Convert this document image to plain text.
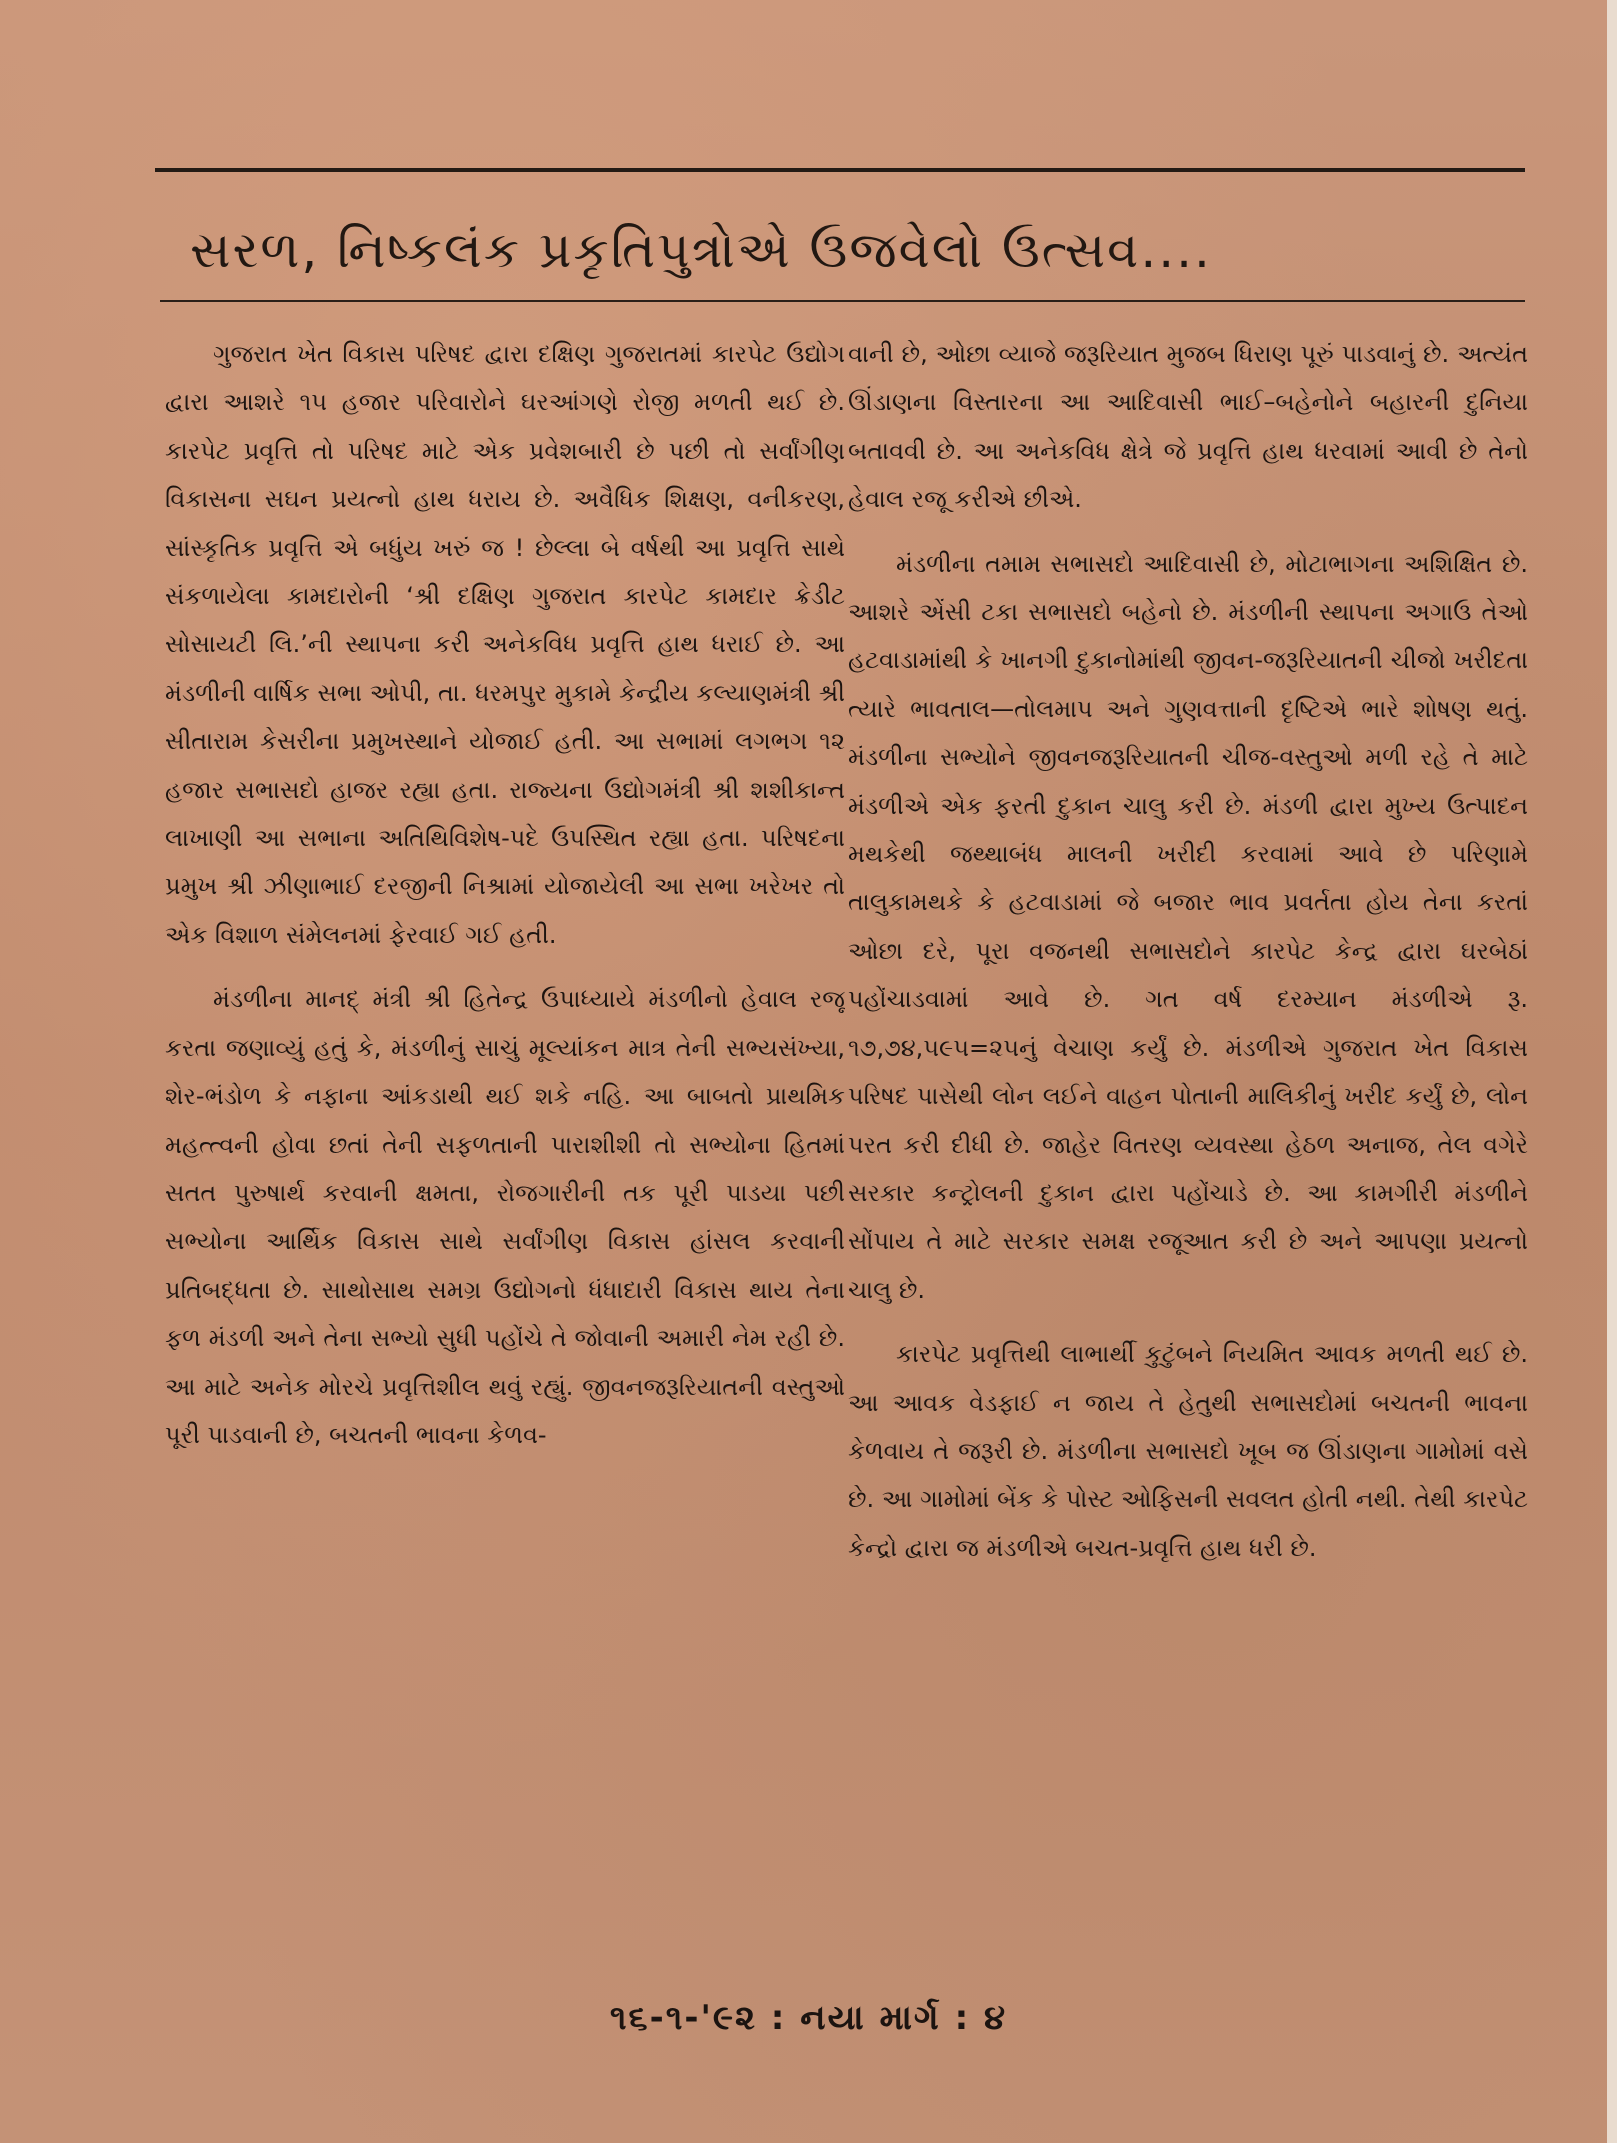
સરળ, નિષ્કલંક પ્રકૃતિપુત્રોએ ઉજવેલો ઉત્સવ....

ગુજરાત ખેત વિકાસ પરિષદ દ્વારા દક્ષિણ ગુજરાતમાં કારપેટ ઉદ્યોગ દ્વારા આશરે ૧૫ હજાર પરિવારોને ઘરઆંગણે રોજી મળતી થઈ છે. કારપેટ પ્રવૃત્તિ તો પરિષદ માટે એક પ્રવેશબારી છે પછી તો સર્વાંગીણ વિકાસના સઘન પ્રયત્નો હાથ ધરાય છે. અવૈધિક શિક્ષણ, વનીકરણ, સાંસ્કૃતિક પ્રવૃત્તિ એ બધુંય ખરું જ ! છેલ્લા બે વર્ષથી આ પ્રવૃત્તિ સાથે સંકળાયેલા કામદારોની ‘શ્રી દક્ષિણ ગુજરાત કારપેટ કામદાર ક્રેડીટ સોસાયટી લિ.’ની સ્થાપના કરી અનેકવિધ પ્રવૃત્તિ હાથ ધરાઈ છે. આ મંડળીની વાર્ષિક સભા ઓપી, તા. ધરમપુર મુકામે કેન્દ્રીય કલ્યાણમંત્રી શ્રી સીતારામ કેસરીના પ્રમુખસ્થાને યોજાઈ હતી. આ સભામાં લગભગ ૧૨ હજાર સભાસદો હાજર રહ્યા હતા. રાજ્યના ઉદ્યોગમંત્રી શ્રી શશીકાન્ત લાખાણી આ સભાના અતિથિવિશેષ-પદે ઉપસ્થિત રહ્યા હતા. પરિષદના પ્રમુખ શ્રી ઝીણાભાઈ દરજીની નિશ્રામાં યોજાયેલી આ સભા ખરેખર તો એક વિશાળ સંમેલનમાં ફેરવાઈ ગઈ હતી.

મંડળીના માનદ્ મંત્રી શ્રી હિતેન્દ્ર ઉપાધ્યાયે મંડળીનો હેવાલ રજૂ કરતા જણાવ્યું હતું કે, મંડળીનું સાચું મૂલ્યાંકન માત્ર તેની સભ્યસંખ્યા, શેર-ભંડોળ કે નફાના આંકડાથી થઈ શકે નહિ. આ બાબતો પ્રાથમિક મહત્ત્વની હોવા છતાં તેની સફળતાની પારાશીશી તો સભ્યોના હિતમાં સતત પુરુષાર્થ કરવાની ક્ષમતા, રોજગારીની તક પૂરી પાડયા પછી સભ્યોના આર્થિક વિકાસ સાથે સર્વાંગીણ વિકાસ હાંસલ કરવાની પ્રતિબદ્ધતા છે. સાથોસાથ સમગ્ર ઉદ્યોગનો ધંધાદારી વિકાસ થાય તેના ફળ મંડળી અને તેના સભ્યો સુધી પહોંચે તે જોવાની અમારી નેમ રહી છે. આ માટે અનેક મોરચે પ્રવૃત્તિશીલ થવું રહ્યું. જીવનજરૂરિયાતની વસ્તુઓ પૂરી પાડવાની છે, બચતની ભાવના કેળવ-

વાની છે, ઓછા વ્યાજે જરૂરિયાત મુજબ ધિરાણ પૂરું પાડવાનું છે. અત્યંત ઊંડાણના વિસ્તારના આ આદિવાસી ભાઈ–બહેનોને બહારની દુનિયા બતાવવી છે. આ અનેકવિધ ક્ષેત્રે જે પ્રવૃત્તિ હાથ ધરવામાં આવી છે તેનો હેવાલ રજૂ કરીએ છીએ.

મંડળીના તમામ સભાસદો આદિવાસી છે, મોટાભાગના અશિક્ષિત છે. આશરે એંસી ટકા સભાસદો બહેનો છે. મંડળીની સ્થાપના અગાઉ તેઓ હટવાડામાંથી કે ખાનગી દુકાનોમાંથી જીવન-જરૂરિયાતની ચીજો ખરીદતા ત્યારે ભાવતાલ—તોલમાપ અને ગુણવત્તાની દૃષ્ટિએ ભારે શોષણ થતું. મંડળીના સભ્યોને જીવનજરૂરિયાતની ચીજ-વસ્તુઓ મળી રહે તે માટે મંડળીએ એક ફરતી દુકાન ચાલુ કરી છે. મંડળી દ્વારા મુખ્ય ઉત્પાદન મથકેથી જથ્થાબંધ માલની ખરીદી કરવામાં આવે છે પરિણામે તાલુકામથકે કે હટવાડામાં જે બજાર ભાવ પ્રવર્તતા હોય તેના કરતાં ઓછા દરે, પૂરા વજનથી સભાસદોને કારપેટ કેન્દ્ર દ્વારા ઘરબેઠાં પહોંચાડવામાં આવે છે. ગત વર્ષ દરમ્યાન મંડળીએ રૂ. ૧૭,૭૪,૫૯૫=૨૫નું વેચાણ કર્યું છે. મંડળીએ ગુજરાત ખેત વિકાસ પરિષદ પાસેથી લોન લઈને વાહન પોતાની માલિકીનું ખરીદ કર્યું છે, લોન પરત કરી દીધી છે. જાહેર વિતરણ વ્યવસ્થા હેઠળ અનાજ, તેલ વગેરે સરકાર કન્ટ્રોલની દુકાન દ્વારા પહોંચાડે છે. આ કામગીરી મંડળીને સોંપાય તે માટે સરકાર સમક્ષ રજૂઆત કરી છે અને આપણા પ્રયત્નો ચાલુ છે.

કારપેટ પ્રવૃત્તિથી લાભાર્થી કુટુંબને નિયમિત આવક મળતી થઈ છે. આ આવક વેડફાઈ ન જાય તે હેતુથી સભાસદોમાં બચતની ભાવના કેળવાય તે જરૂરી છે. મંડળીના સભાસદો ખૂબ જ ઊંડાણના ગામોમાં વસે છે. આ ગામોમાં બેંક કે પોસ્ટ ઓફિસની સવલત હોતી નથી. તેથી કારપેટ કેન્દ્રો દ્વારા જ મંડળીએ બચત-પ્રવૃત્તિ હાથ ધરી છે.

૧૬-૧-'૯૨ : નયા માર્ગ : ૪
